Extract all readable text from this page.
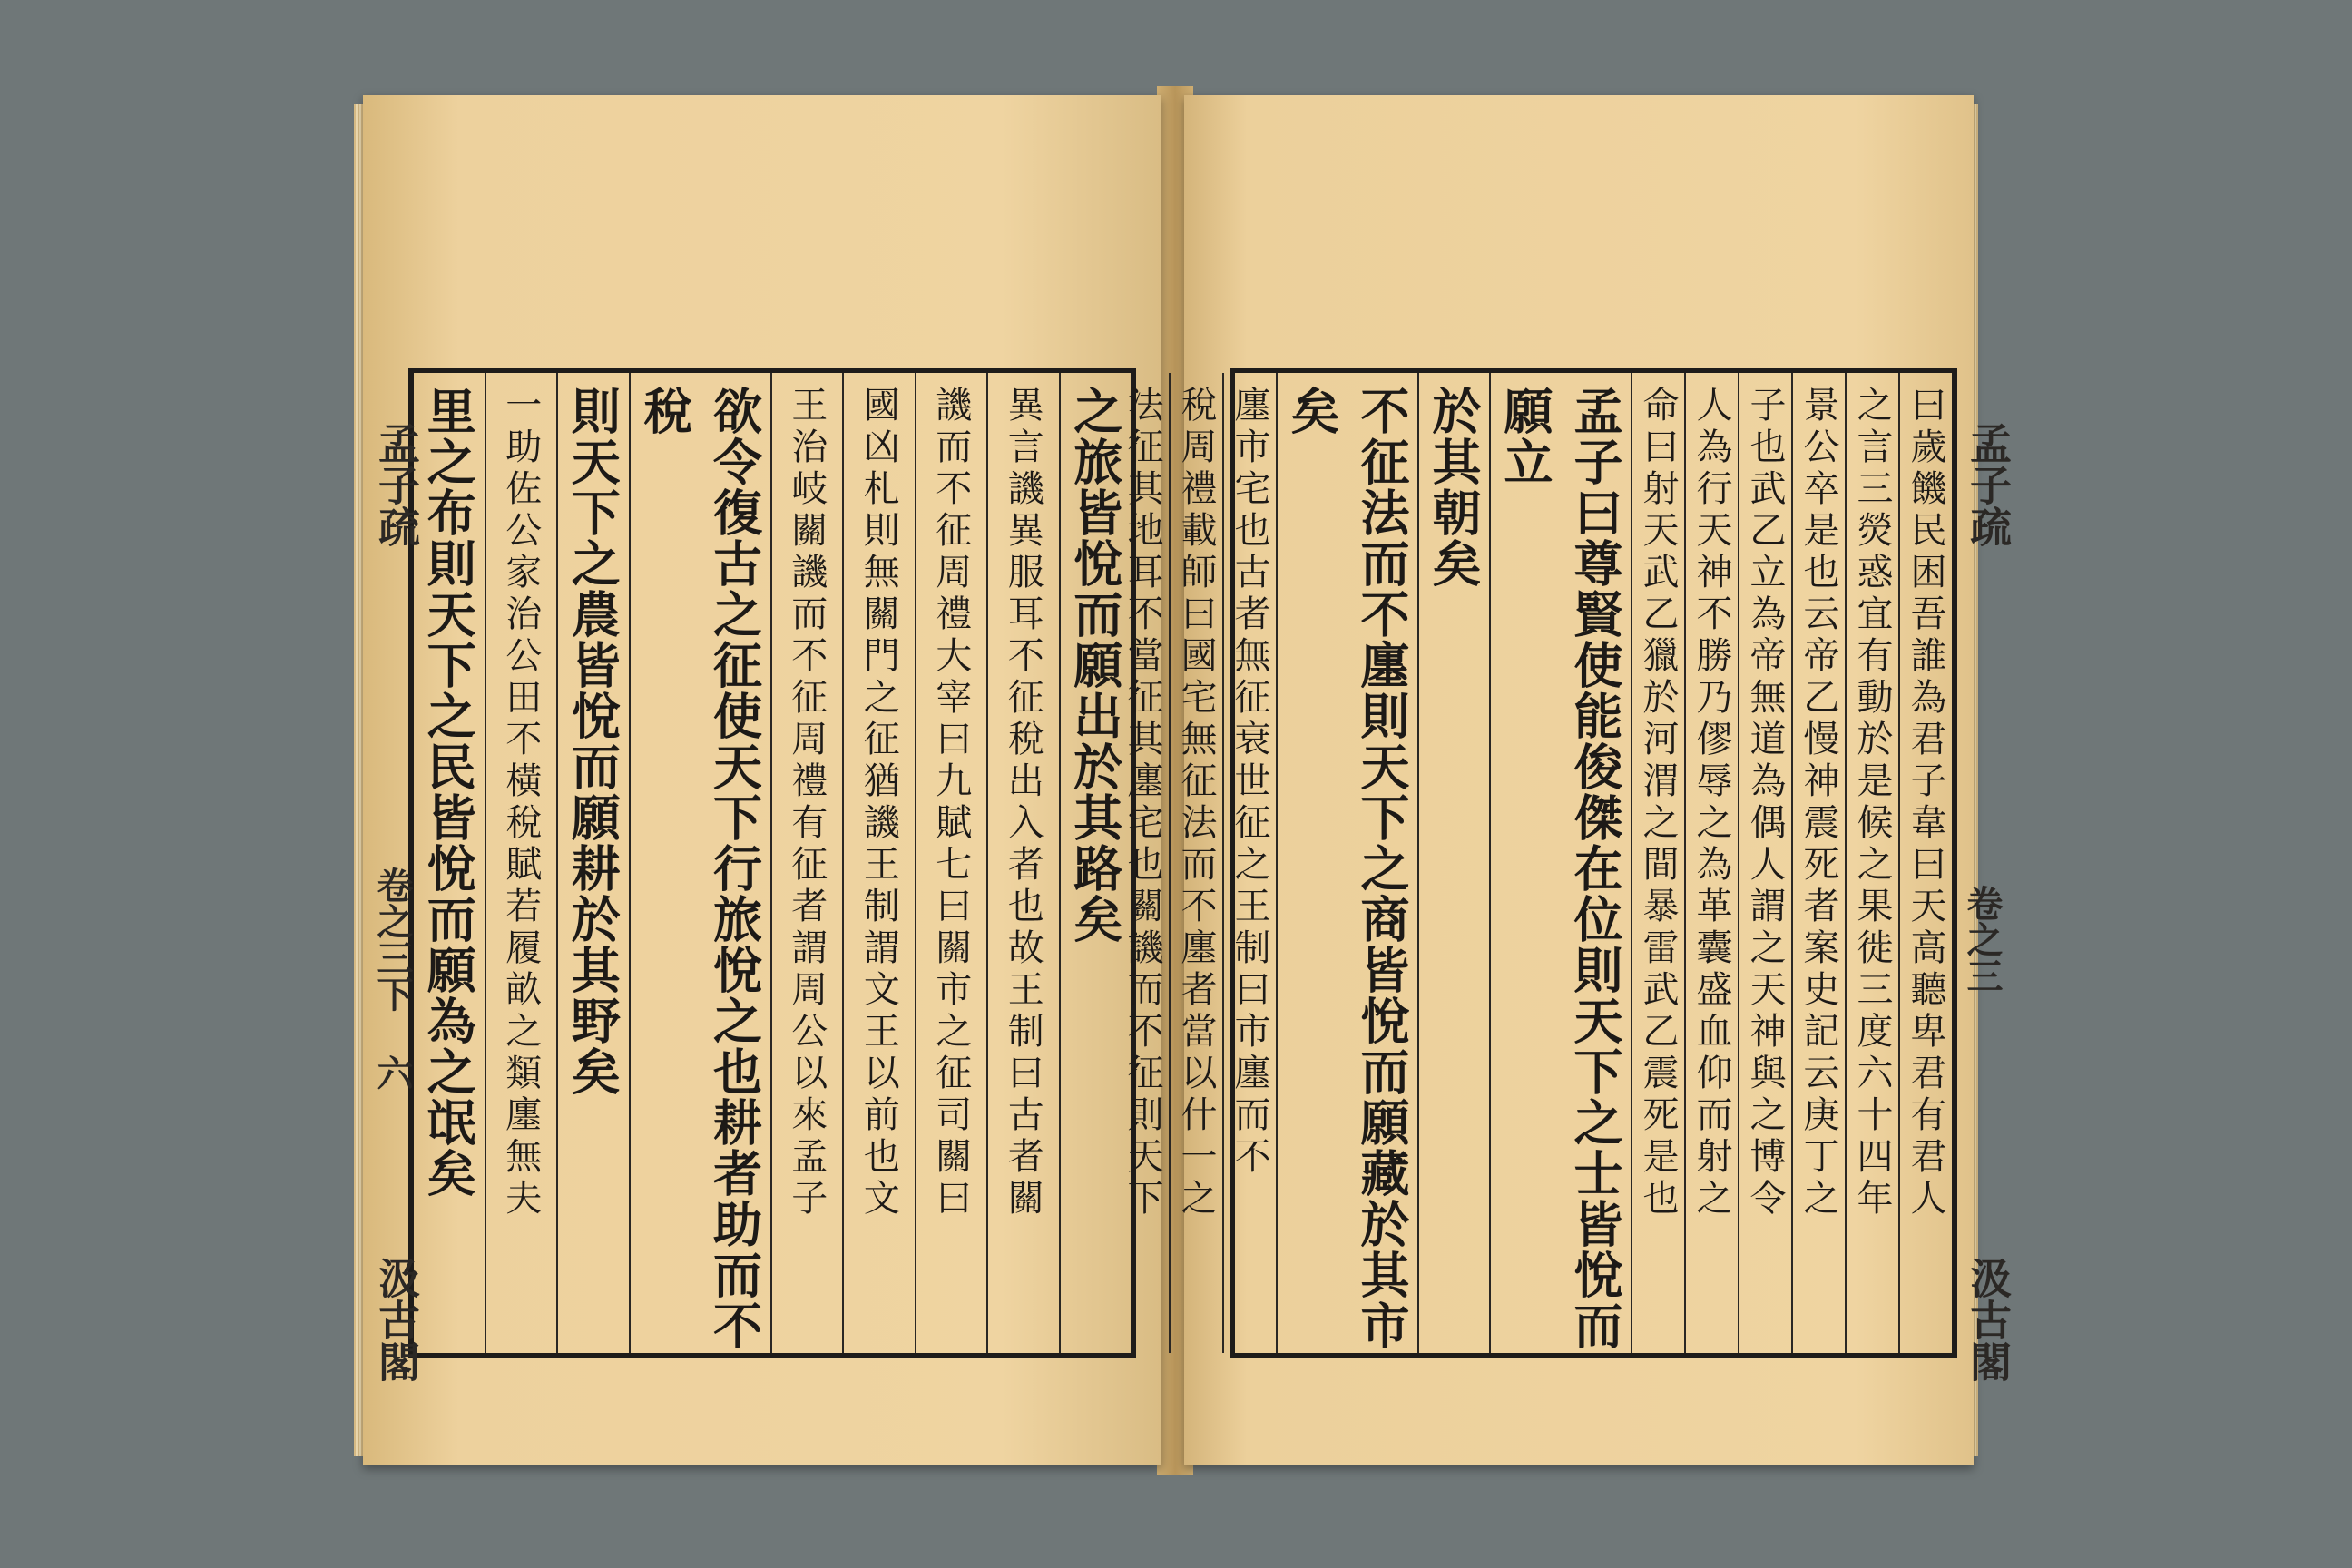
之旅皆悅而願出於其路矣
異言譏異服耳不征稅出入者也故王制曰古者關
譏而不征周禮大宰曰九賦七曰關市之征司關曰
國凶札則無關門之征猶譏王制謂文王以前也文
王治岐關譏而不征周禮有征者謂周公以來孟子
欲令復古之征使天下行旅悅之也耕者助而不稅
則天下之農皆悅而願耕於其野矣
一助佐公家治公田不橫稅賦若履畝之類廛無夫
里之布則天下之民皆悅而願為之氓矣	曰歲饑民困吾誰為君子韋曰天高聽卑君有君人
之言三熒惑宜有動於是候之果徙三度六十四年
景公卒是也云帝乙慢神震死者案史記云庚丁之
子也武乙立為帝無道為偶人謂之天神與之博令
人為行天神不勝乃僇辱之為革囊盛血仰而射之
命曰射天武乙獵於河渭之間暴雷武乙震死是也
孟子曰尊賢使能俊傑在位則天下之士皆悅而願立
於其朝矣
不征法而不廛則天下之商皆悅而願藏於其市矣
廛市宅也古者無征衰世征之王制曰市廛而不
稅周禮載師曰國宅無征法而不廛者當以什一之
法征其地耳不當征其廛宅也關譏而不征則天下
孟子疏
卷之三下 六
汲古閣
孟子疏
卷之三
汲古閣
